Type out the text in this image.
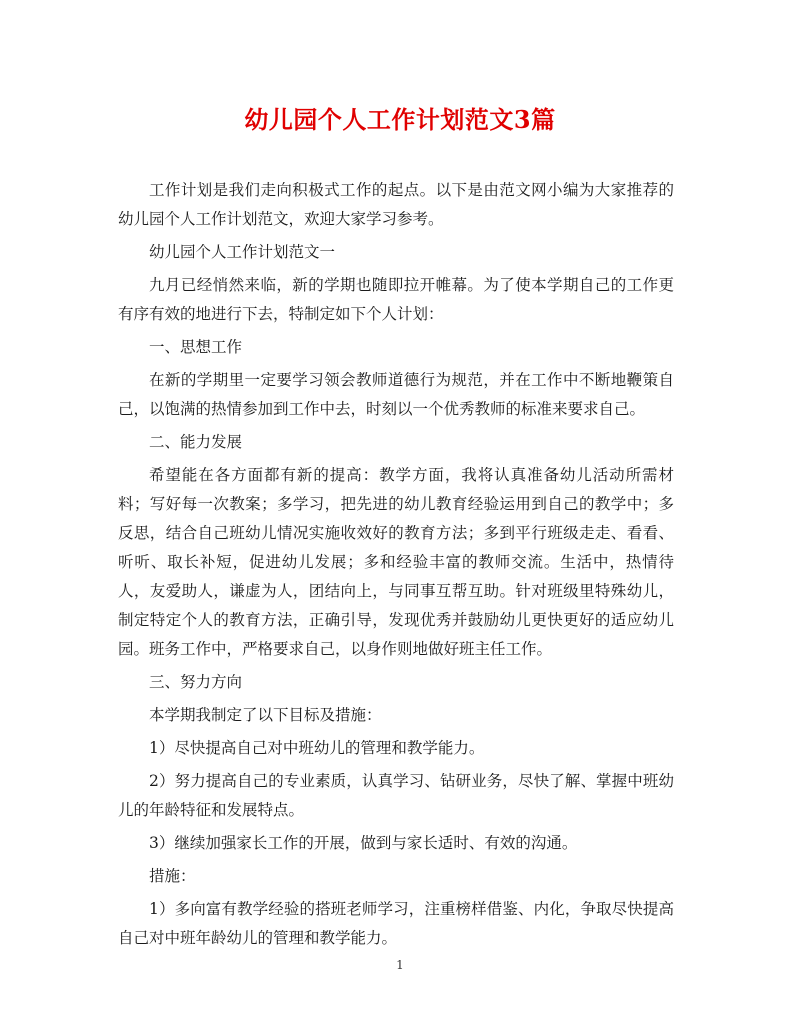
幼儿园个人工作计划范文3篇

工作计划是我们走向积极式工作的起点。以下是由范文网小编为大家推荐的幼儿园个人工作计划范文，欢迎大家学习参考。

幼儿园个人工作计划范文一

九月已经悄然来临，新的学期也随即拉开帷幕。为了使本学期自己的工作更有序有效的地进行下去，特制定如下个人计划：

一、思想工作

在新的学期里一定要学习领会教师道德行为规范，并在工作中不断地鞭策自己，以饱满的热情参加到工作中去，时刻以一个优秀教师的标准来要求自己。

二、能力发展

希望能在各方面都有新的提高：教学方面，我将认真准备幼儿活动所需材料；写好每一次教案；多学习，把先进的幼儿教育经验运用到自己的教学中；多反思，结合自己班幼儿情况实施收效好的教育方法；多到平行班级走走、看看、听听、取长补短，促进幼儿发展；多和经验丰富的教师交流。生活中，热情待人，友爱助人，谦虚为人，团结向上，与同事互帮互助。针对班级里特殊幼儿，制定特定个人的教育方法，正确引导，发现优秀并鼓励幼儿更快更好的适应幼儿园。班务工作中，严格要求自己，以身作则地做好班主任工作。

三、努力方向

本学期我制定了以下目标及措施：

1）尽快提高自己对中班幼儿的管理和教学能力。

2）努力提高自己的专业素质，认真学习、钻研业务，尽快了解、掌握中班幼儿的年龄特征和发展特点。

3）继续加强家长工作的开展，做到与家长适时、有效的沟通。

措施：

1）多向富有教学经验的搭班老师学习，注重榜样借鉴、内化，争取尽快提高自己对中班年龄幼儿的管理和教学能力。

1
